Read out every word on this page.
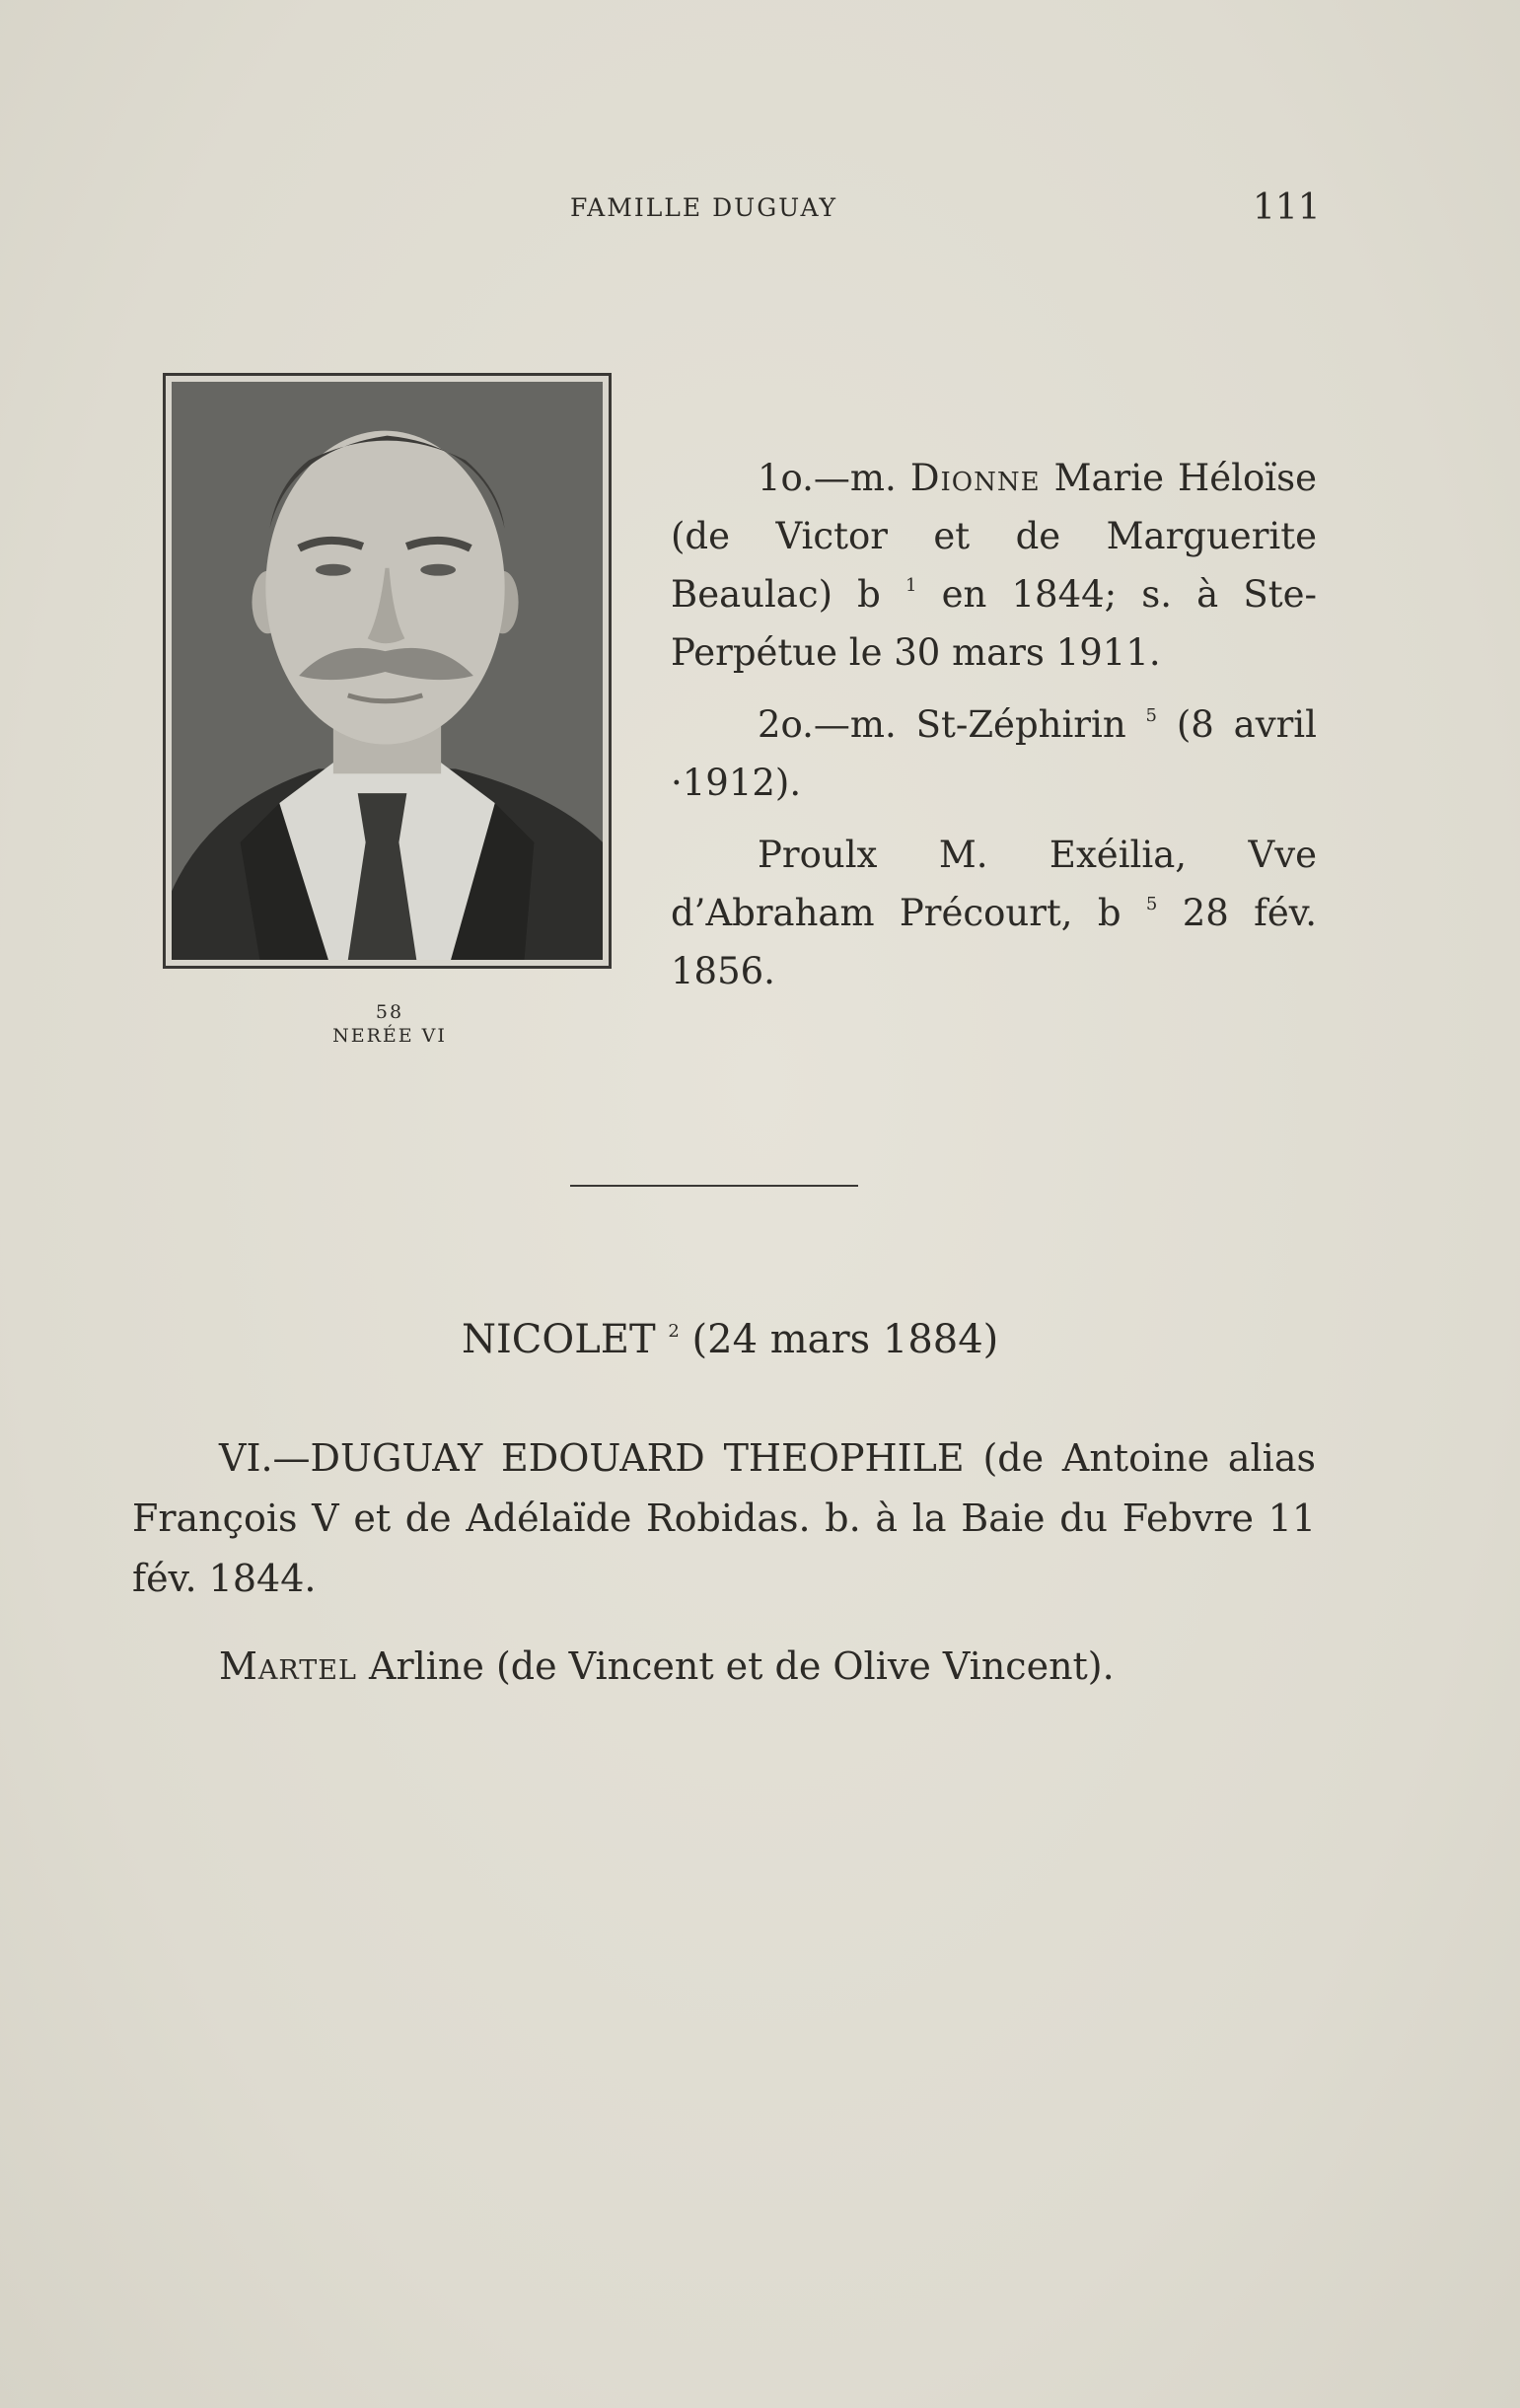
FAMILLE DUGUAY	111
58
NERÉE VI

1o.—m. Dionne Marie Héloïse (de Victor et de Marguerite Beaulac) b $^1$ en 1844; s. à Ste-Perpétue le 30 mars 1911.

2o.—m. St-Zéphirin $^5$ (8 avril ·1912).

Proulx M. Exéilia, Vve d’Abraham Précourt, b $^5$ 28 fév. 1856.

NICOLET $^2$ (24 mars 1884)

VI.—DUGUAY EDOUARD THEOPHILE (de Antoine alias François V et de Adélaïde Robidas. b. à la Baie du Febvre 11 fév. 1844.

Martel Arline (de Vincent et de Olive Vincent).
